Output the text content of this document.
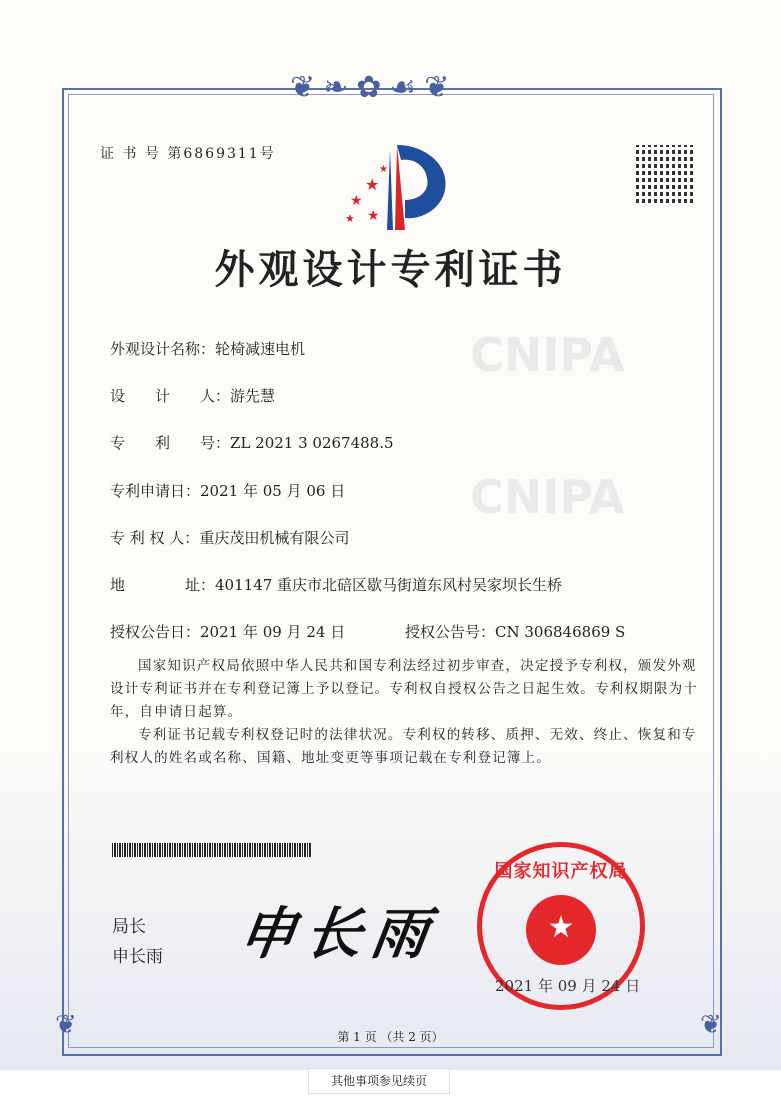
CNIPA
CNIPA
❦❧✿☙❦
❦	❦
证 书 号 第6869311号
★
★
★
★
★
外观设计专利证书
外观设计名称：轮椅减速电机
设　　计　　人：游先慧
专　　利　　号：ZL 2021 3 0267488.5
专利申请日：2021 年 05 月 06 日
专 利 权 人：重庆茂田机械有限公司
地　　　　址：401147 重庆市北碚区歇马街道东风村吴家坝长生桥
授权公告日：2021 年 09 月 24 日	授权公告号：CN 306846869 S
国家知识产权局依照中华人民共和国专利法经过初步审查，决定授予专利权，颁发外观设计专利证书并在专利登记簿上予以登记。专利权自授权公告之日起生效。专利权期限为十年，自申请日起算。
专利证书记载专利权登记时的法律状况。专利权的转移、质押、无效、终止、恢复和专利权人的姓名或名称、国籍、地址变更等事项记载在专利登记簿上。
局长
申长雨 申长雨
国家知识产权局
★
2021 年 09 月 24 日
第 1 页 （共 2 页）
其他事项参见续页
